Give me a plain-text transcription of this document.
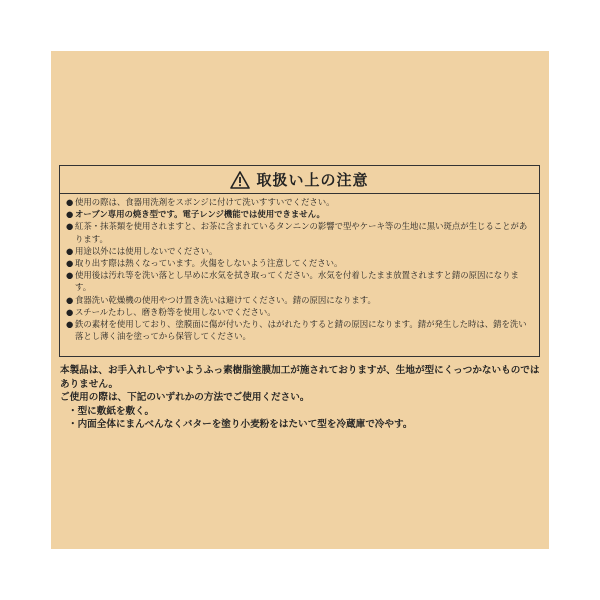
取扱い上の注意
● 使用の際は、食器用洗剤をスポンジに付けて洗いすすいでください。
● オーブン専用の焼き型です。電子レンジ機能では使用できません。
● 紅茶・抹茶類を使用されますと、お茶に含まれているタンニンの影響で型やケーキ等の生地に黒い斑点が生じることがあります。
● 用途以外には使用しないでください。
● 取り出す際は熱くなっています。火傷をしないよう注意してください。
● 使用後は汚れ等を洗い落とし早めに水気を拭き取ってください。水気を付着したまま放置されますと錆の原因になります。
● 食器洗い乾燥機の使用やつけ置き洗いは避けてください。錆の原因になります。
● スチールたわし、磨き粉等を使用しないでください。
● 鉄の素材を使用しており、塗膜面に傷が付いたり、はがれたりすると錆の原因になります。錆が発生した時は、錆を洗い落とし薄く油を塗ってから保管してください。

本製品は、お手入れしやすいようふっ素樹脂塗膜加工が施されておりますが、生地が型にくっつかないものではありません。

ご使用の際は、下記のいずれかの方法でご使用ください。

・型に敷紙を敷く。

・内面全体にまんべんなくバターを塗り小麦粉をはたいて型を冷蔵庫で冷やす。
